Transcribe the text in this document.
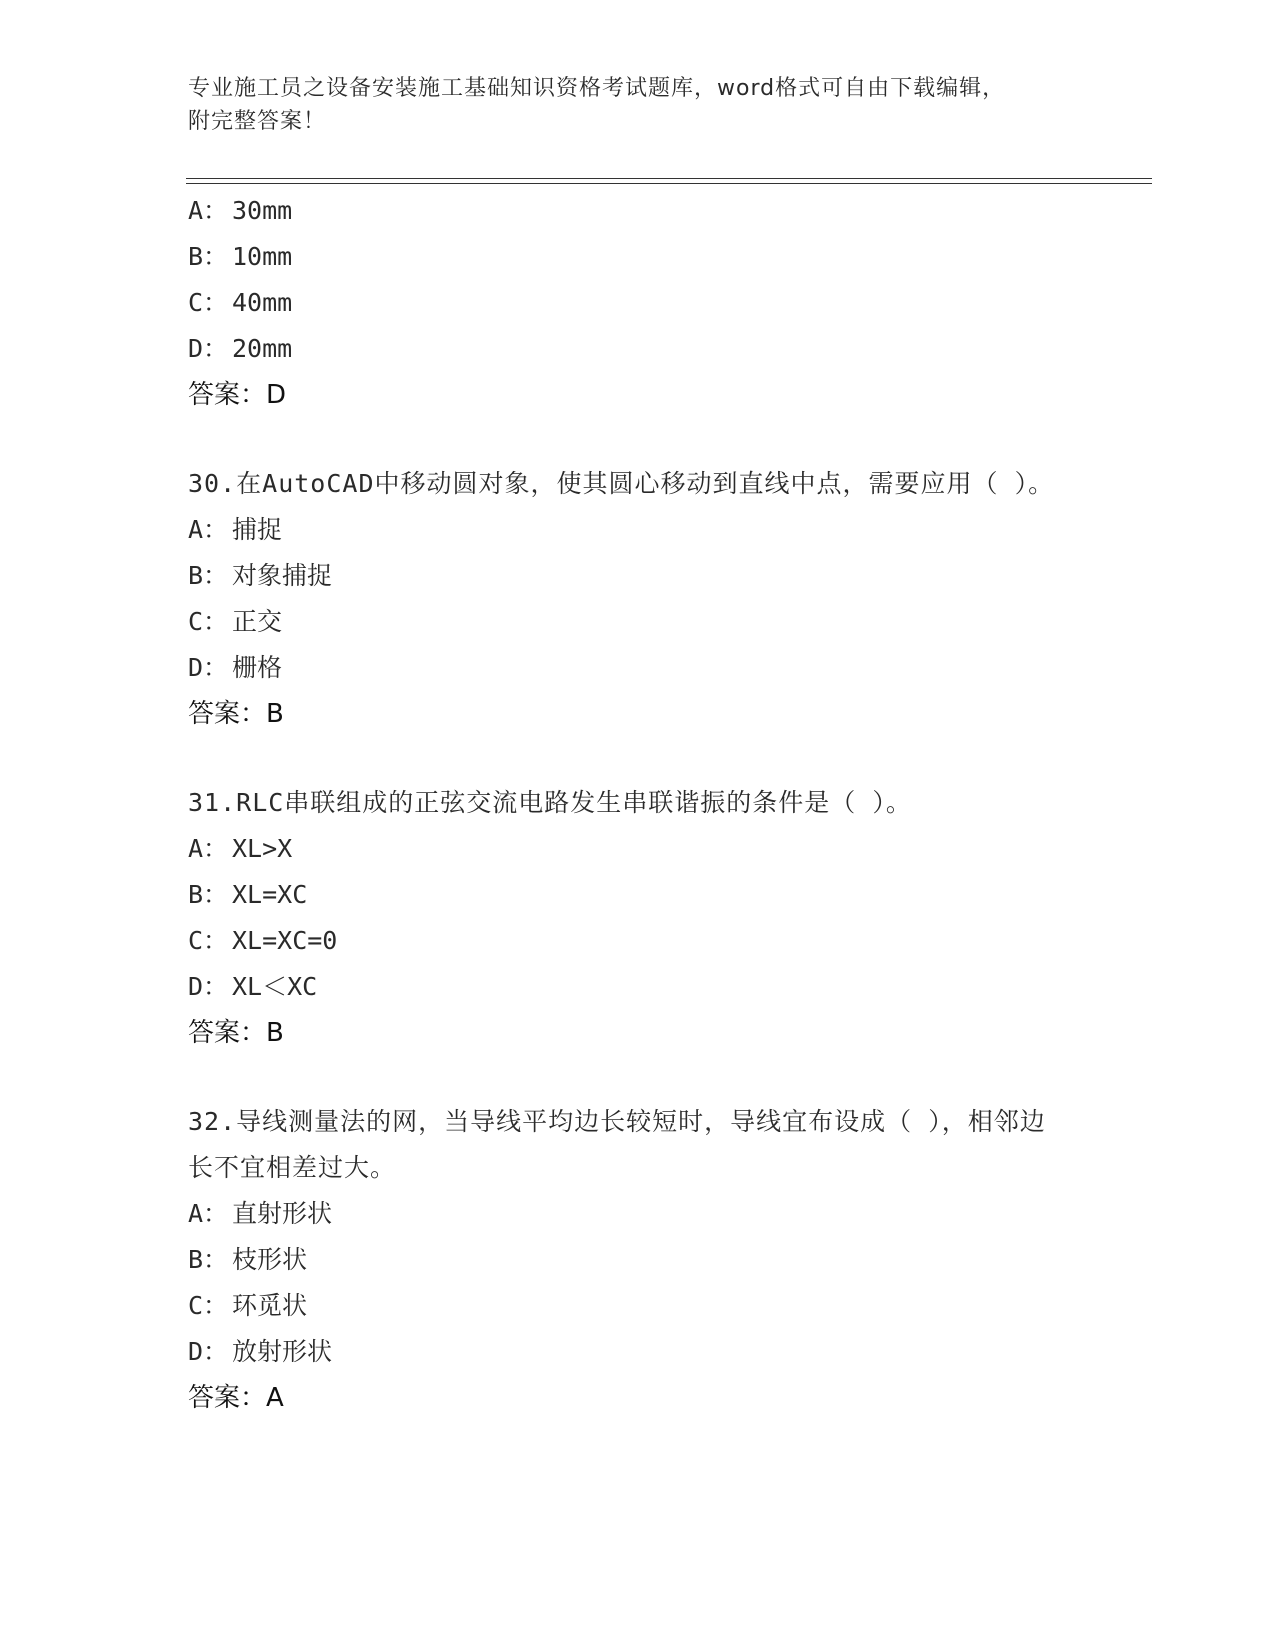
专业施工员之设备安装施工基础知识资格考试题库，word格式可自由下载编辑，
附完整答案！
A： 30mm
B： 10mm
C： 40mm
D： 20mm
答案：D
30.在AutoCAD中移动圆对象，使其圆心移动到直线中点，需要应用（ ）。
A： 捕捉
B： 对象捕捉
C： 正交
D： 栅格
答案：B
31.RLC串联组成的正弦交流电路发生串联谐振的条件是（ ）。
A： XL>X
B： XL=XC
C： XL=XC=0
D： XL＜XC
答案：B
32.导线测量法的网，当导线平均边长较短时，导线宜布设成（ ），相邻边长不宜相差过大。
A： 直射形状
B： 枝形状
C： 环觅状
D： 放射形状
答案：A
